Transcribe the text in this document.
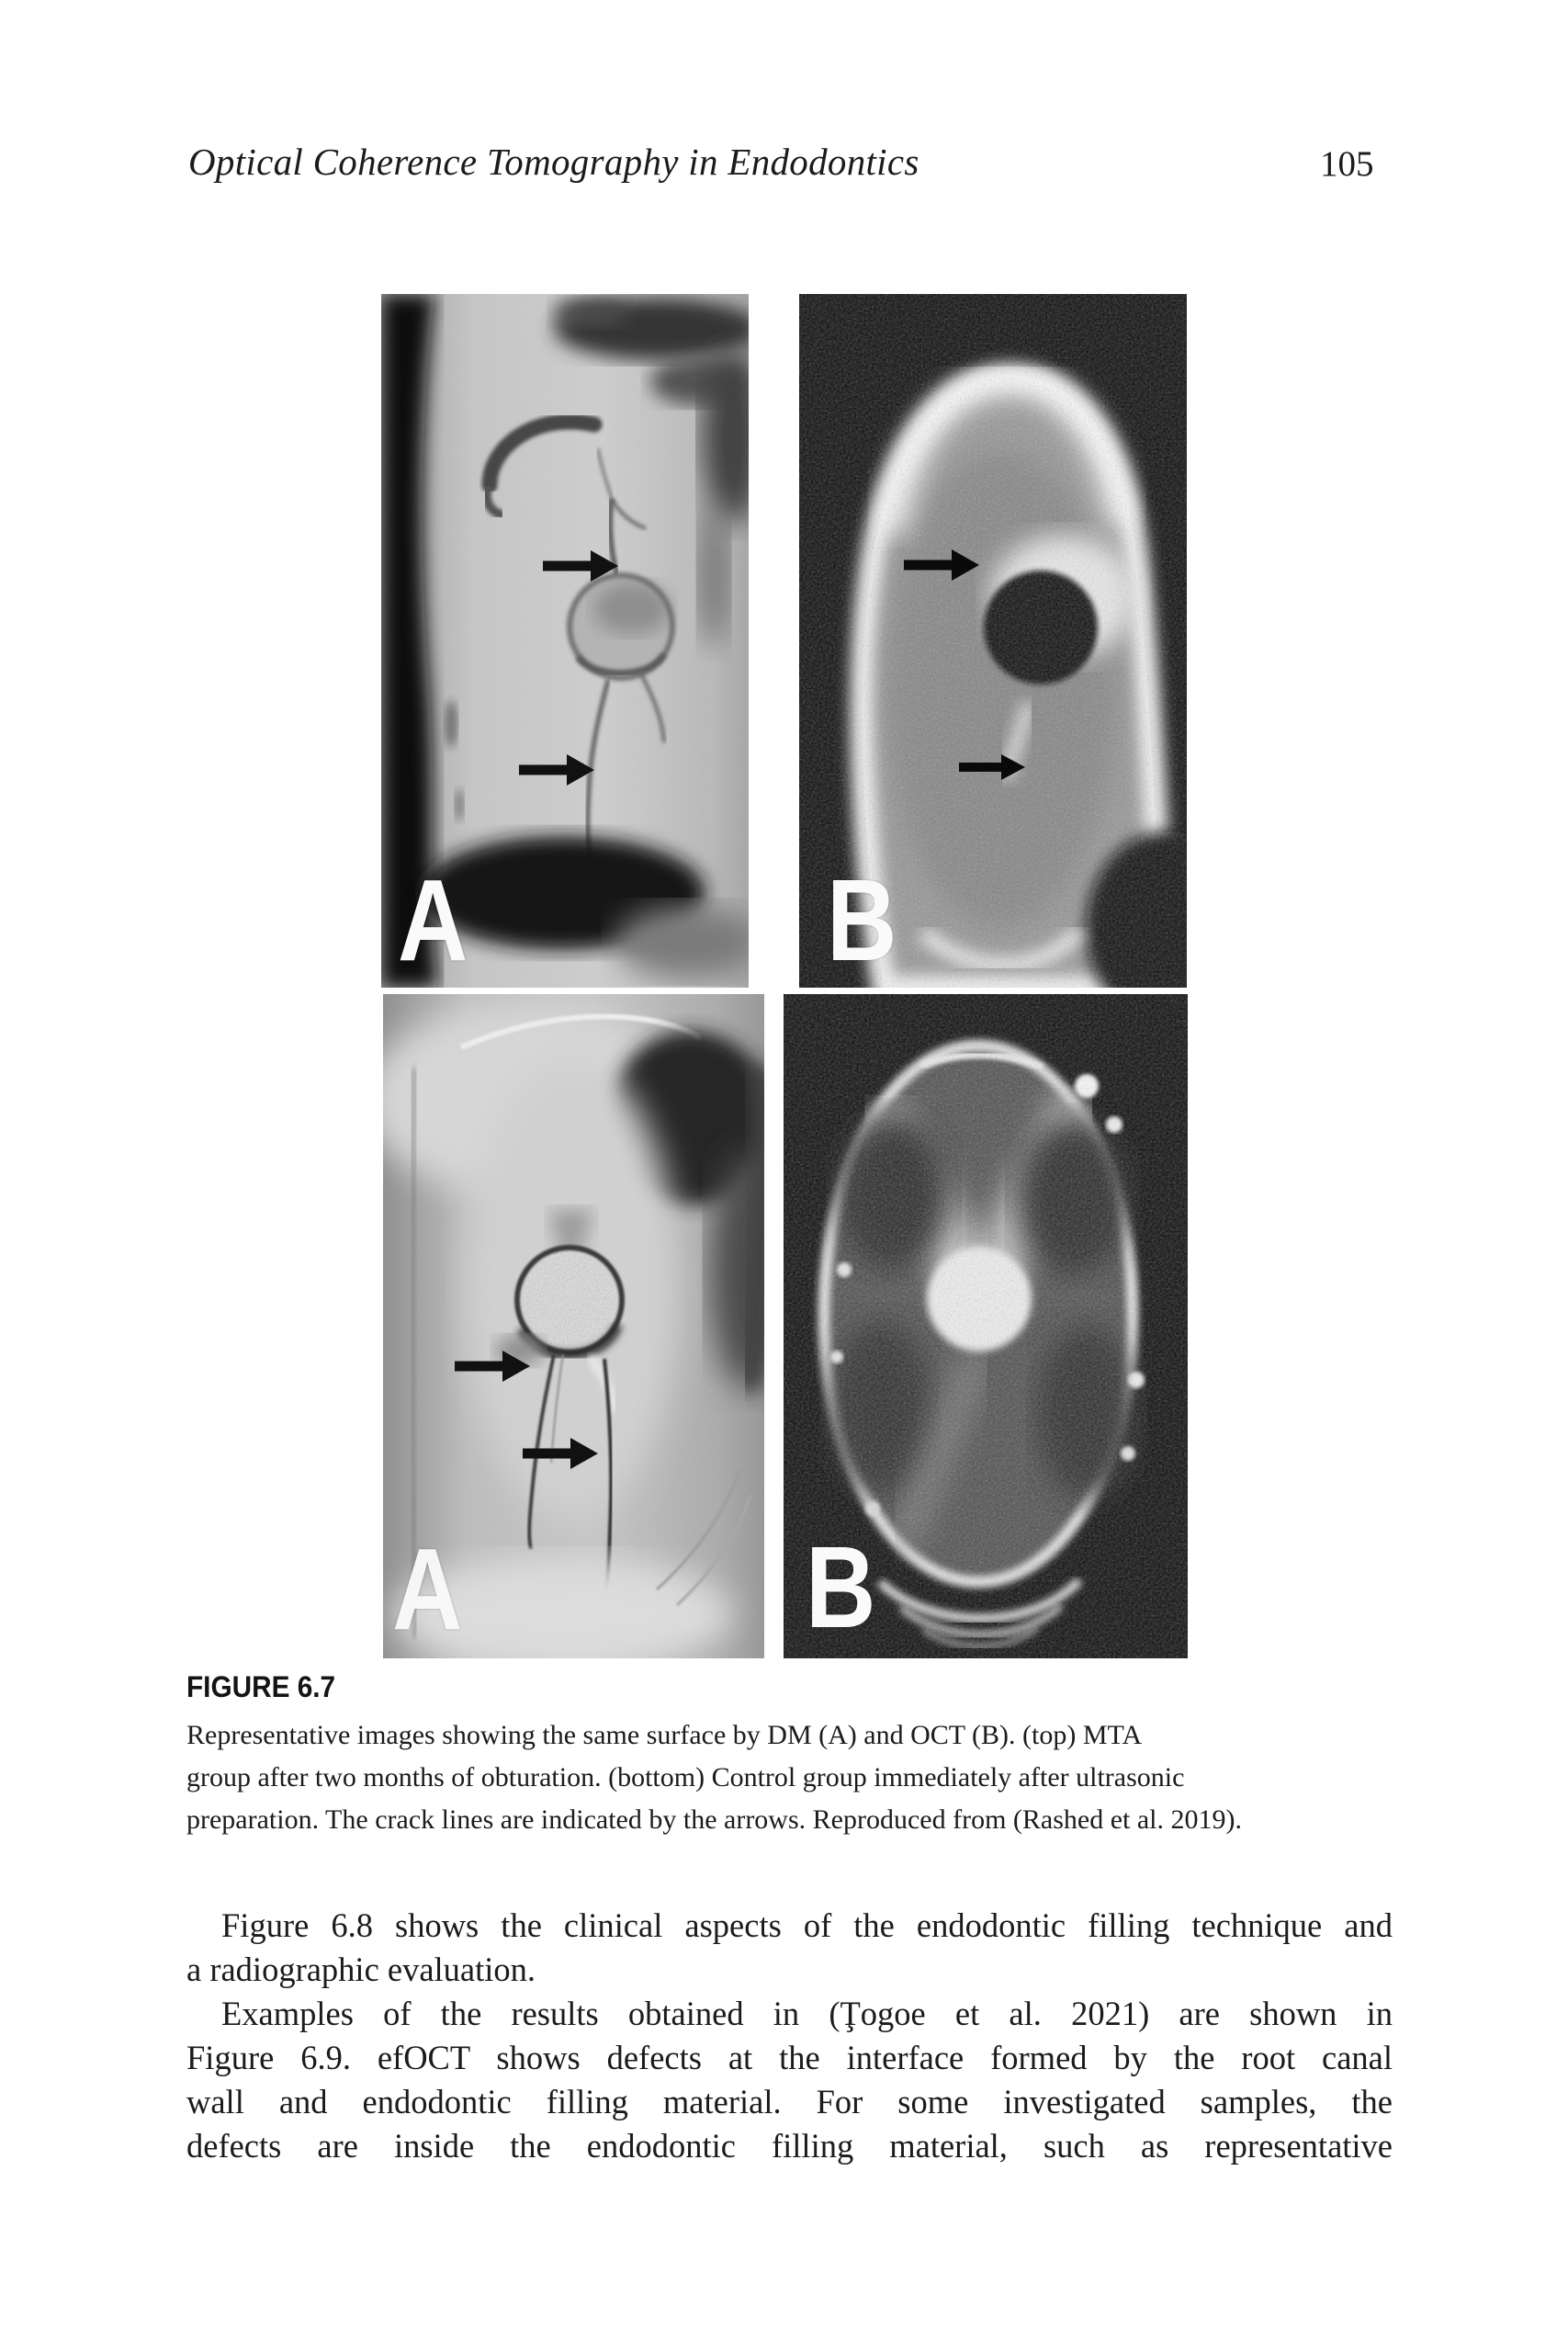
Optical Coherence Tomography in Endodontics	105
A	B
A	B
FIGURE 6.7
Representative images showing the same surface by DM (A) and OCT (B). (top) MTA
group after two months of obturation. (bottom) Control group immediately after ultrasonic
preparation. The crack lines are indicated by the arrows. Reproduced from (Rashed et al. 2019).
Figure 6.8 shows the clinical aspects of the endodontic filling technique and
a radiographic evaluation.
Examples of the results obtained in (Ţogoe et al. 2021) are shown in
Figure 6.9. efOCT shows defects at the interface formed by the root canal
wall and endodontic filling material. For some investigated samples, the
defects are inside the endodontic filling material, such as representative
